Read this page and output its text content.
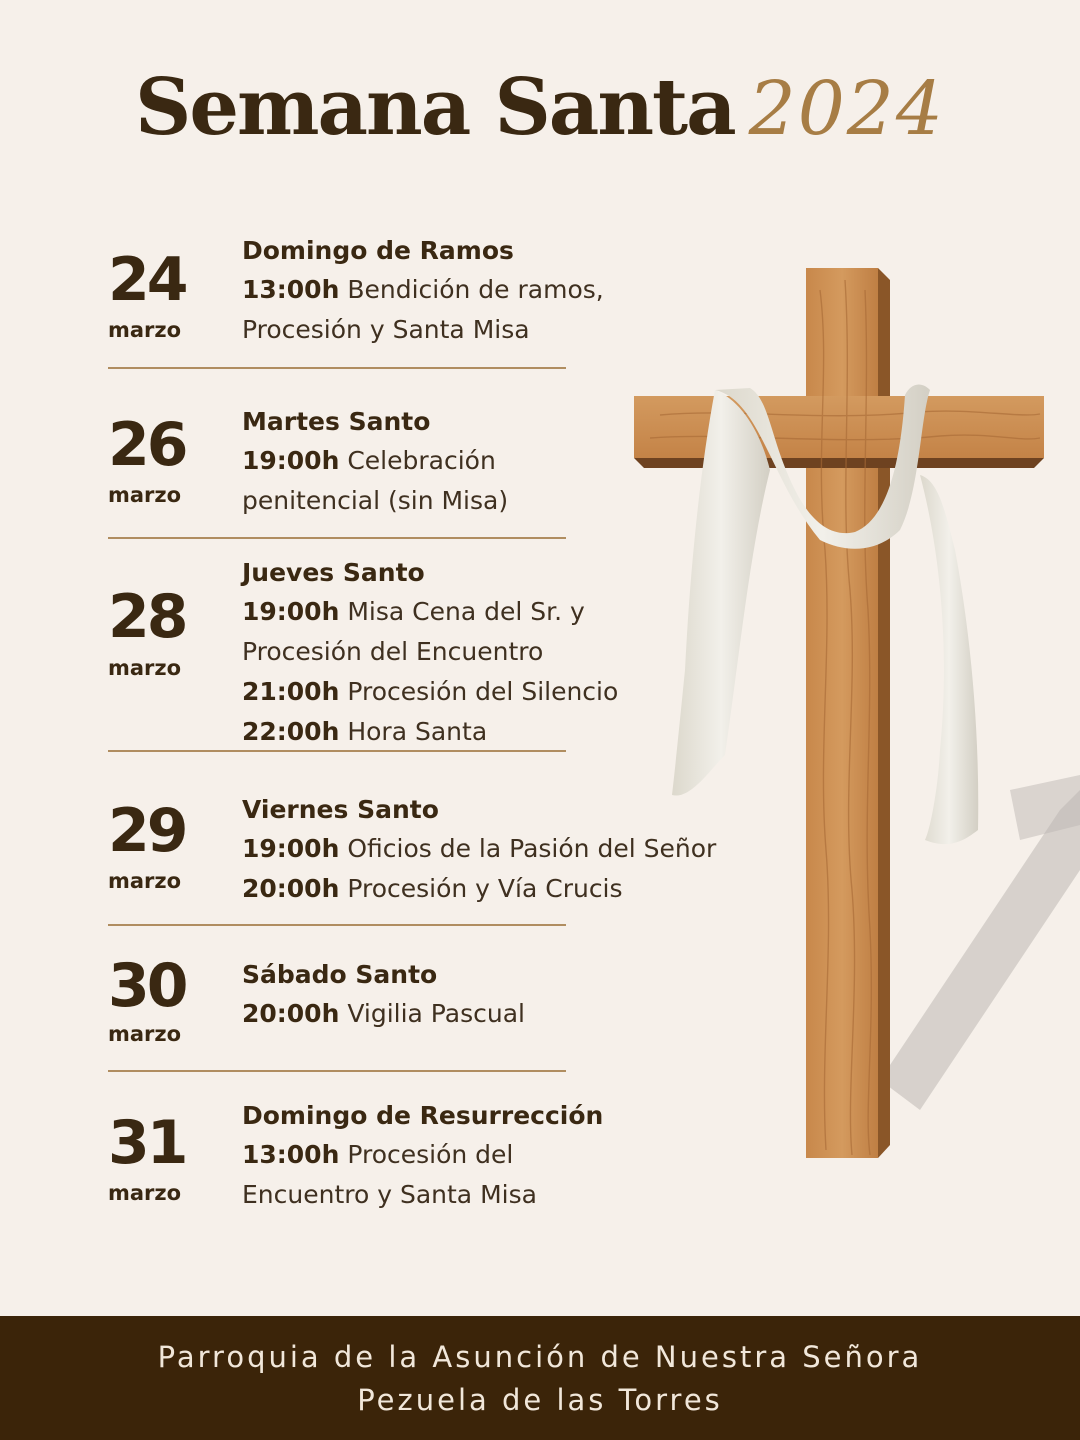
Semana Santa 2024
24
marzo
Domingo de Ramos
13:00h Bendición de ramos,
Procesión y Santa Misa
26
marzo
Martes Santo
19:00h Celebración
penitencial (sin Misa)
28
marzo
Jueves Santo
19:00h Misa Cena del Sr. y
Procesión del Encuentro
21:00h Procesión del Silencio
22:00h Hora Santa
29
marzo
Viernes Santo
19:00h Oficios de la Pasión del Señor
20:00h Procesión y Vía Crucis
30
marzo
Sábado Santo
20:00h Vigilia Pascual
31
marzo
Domingo de Resurrección
13:00h Procesión del
Encuentro y Santa Misa
Parroquia de la Asunción de Nuestra Señora
Pezuela de las Torres
